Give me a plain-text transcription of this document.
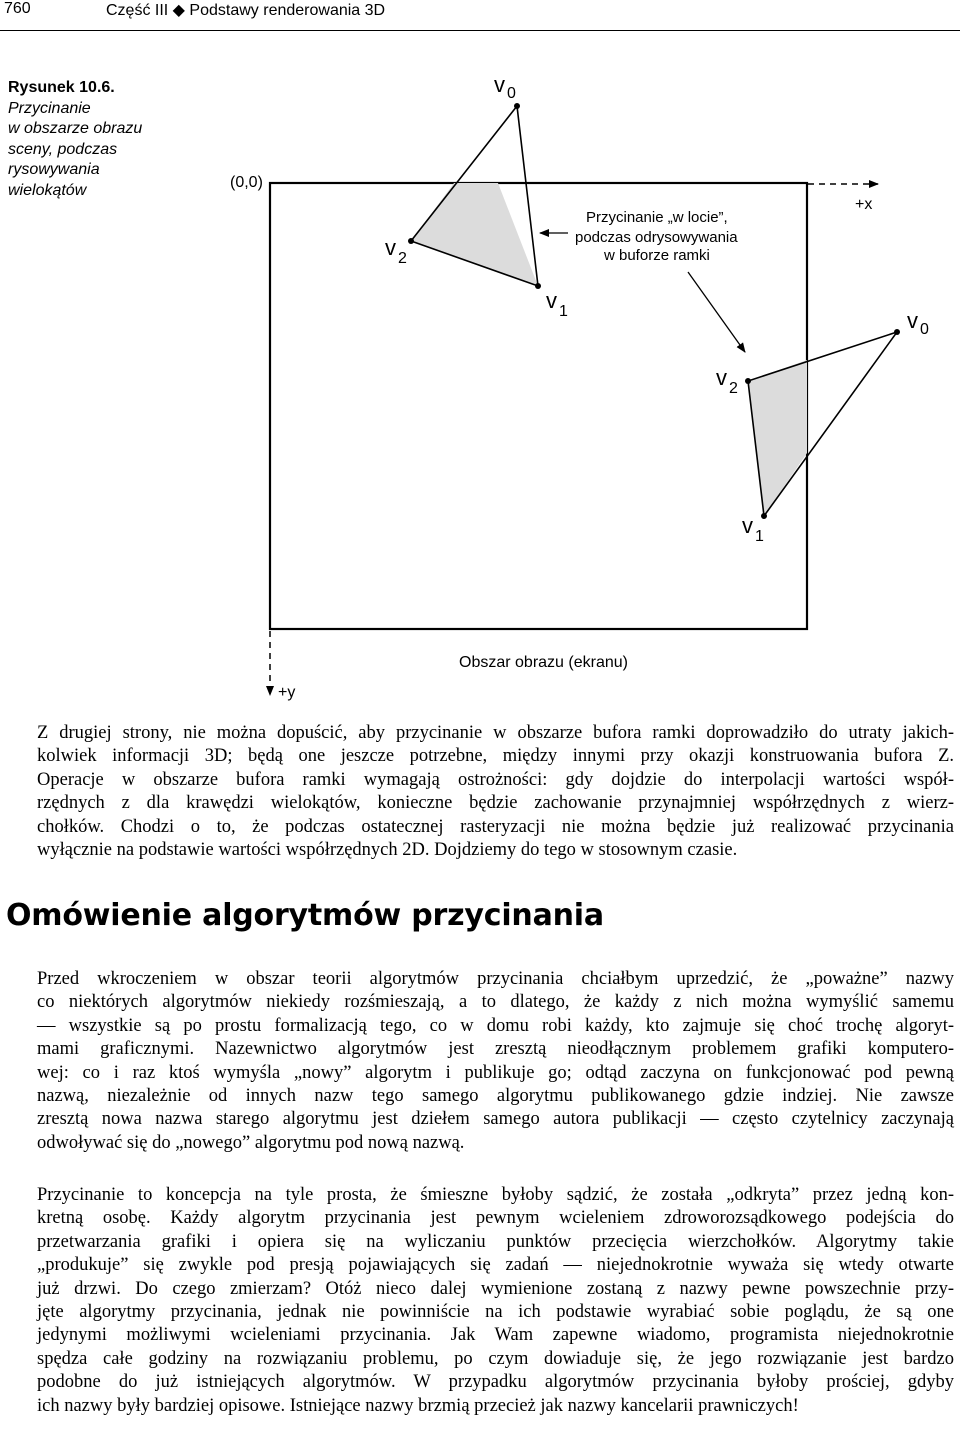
760	Część III ◆ Podstawy renderowania 3D
Rysunek 10.6.
Przycinanie
w obszarze obrazu
sceny, podczas
rysowywania
wielokątów	(0,0)
+x
+y
Obszar obrazu (ekranu)
v $_0$
v $_1$
v $_2$
Przycinanie „w locie”,
podczas odrysowywania
w buforze ramki
v $_0$
v $_1$
v $_2$
Z drugiej strony, nie można dopuścić, aby przycinanie w obszarze bufora ramki doprowadziło do utraty jakich-
kolwiek informacji 3D; będą one jeszcze potrzebne, między innymi przy okazji konstruowania bufora Z.
Operacje w obszarze bufora ramki wymagają ostrożności: gdy dojdzie do interpolacji wartości współ-
rzędnych z dla krawędzi wielokątów, konieczne będzie zachowanie przynajmniej współrzędnych z wierz-
chołków. Chodzi o to, że podczas ostatecznej rasteryzacji nie można będzie już realizować przycinania
wyłącznie na podstawie wartości współrzędnych 2D. Dojdziemy do tego w stosownym czasie.
Omówienie algorytmów przycinania
Przed wkroczeniem w obszar teorii algorytmów przycinania chciałbym uprzedzić, że „poważne” nazwy
co niektórych algorytmów niekiedy rozśmieszają, a to dlatego, że każdy z nich można wymyślić samemu
— wszystkie są po prostu formalizacją tego, co w domu robi każdy, kto zajmuje się choć trochę algoryt-
mami graficznymi. Nazewnictwo algorytmów jest zresztą nieodłącznym problemem grafiki komputero-
wej: co i raz ktoś wymyśla „nowy” algorytm i publikuje go; odtąd zaczyna on funkcjonować pod pewną
nazwą, niezależnie od innych nazw tego samego algorytmu publikowanego gdzie indziej. Nie zawsze
zresztą nowa nazwa starego algorytmu jest dziełem samego autora publikacji — często czytelnicy zaczynają
odwoływać się do „nowego” algorytmu pod nową nazwą.
Przycinanie to koncepcja na tyle prosta, że śmieszne byłoby sądzić, że została „odkryta” przez jedną kon-
kretną osobę. Każdy algorytm przycinania jest pewnym wcieleniem zdroworozsądkowego podejścia do
przetwarzania grafiki i opiera się na wyliczaniu punktów przecięcia wierzchołków. Algorytmy takie
„produkuje” się zwykle pod presją pojawiających się zadań — niejednokrotnie wyważa się wtedy otwarte
już drzwi. Do czego zmierzam? Otóż nieco dalej wymienione zostaną z nazwy pewne powszechnie przy-
jęte algorytmy przycinania, jednak nie powinniście na ich podstawie wyrabiać sobie poglądu, że są one
jedynymi możliwymi wcieleniami przycinania. Jak Wam zapewne wiadomo, programista niejednokrotnie
spędza całe godziny na rozwiązaniu problemu, po czym dowiaduje się, że jego rozwiązanie jest bardzo
podobne do już istniejących algorytmów. W przypadku algorytmów przycinania byłoby prościej, gdyby
ich nazwy były bardziej opisowe. Istniejące nazwy brzmią przecież jak nazwy kancelarii prawniczych!
